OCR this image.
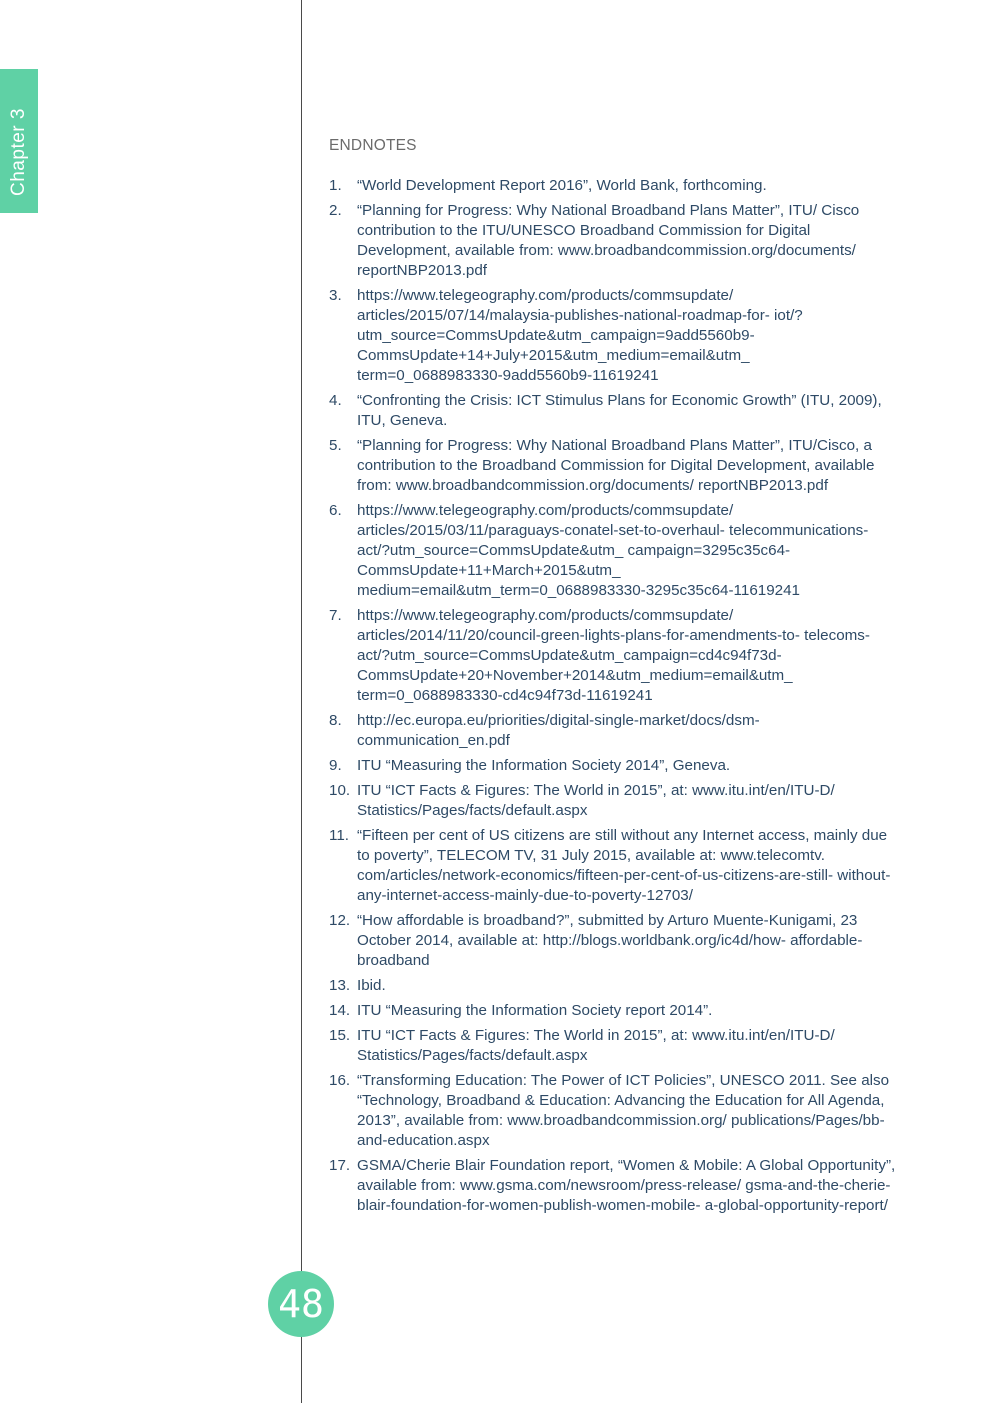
Chapter 3	ENDNOTES
1.	“World Development Report 2016”, World Bank, forthcoming.
2.	“Planning for Progress: Why National Broadband Plans Matter”, ITU/ Cisco contribution to the ITU/UNESCO Broadband Commission for Digital Development, available from: www.broadbandcommission.org/documents/ reportNBP2013.pdf
3.	https://www.telegeography.com/products/commsupdate/ articles/2015/07/14/malaysia-publishes-national-roadmap-for- iot/?utm_source=CommsUpdate&utm_campaign=9add5560b9- CommsUpdate+14+July+2015&utm_medium=email&utm_ term=0_0688983330-9add5560b9-11619241
4.	“Confronting the Crisis: ICT Stimulus Plans for Economic Growth” (ITU, 2009), ITU, Geneva.
5.	“Planning for Progress: Why National Broadband Plans Matter”, ITU/Cisco, a contribution to the Broadband Commission for Digital Development, available from: www.broadbandcommission.org/documents/ reportNBP2013.pdf
6.	https://www.telegeography.com/products/commsupdate/ articles/2015/03/11/paraguays-conatel-set-to-overhaul- telecommunications-act/?utm_source=CommsUpdate&utm_ campaign=3295c35c64-CommsUpdate+11+March+2015&utm_ medium=email&utm_term=0_0688983330-3295c35c64-11619241
7.	https://www.telegeography.com/products/commsupdate/ articles/2014/11/20/council-green-lights-plans-for-amendments-to- telecoms-act/?utm_source=CommsUpdate&utm_campaign=cd4c94f73d- CommsUpdate+20+November+2014&utm_medium=email&utm_ term=0_0688983330-cd4c94f73d-11619241
8.	http://ec.europa.eu/priorities/digital-single-market/docs/dsm- communication_en.pdf
9.	ITU “Measuring the Information Society 2014”, Geneva.
10. ITU “ICT Facts & Figures: The World in 2015”, at: www.itu.int/en/ITU-D/ Statistics/Pages/facts/default.aspx
11. “Fifteen per cent of US citizens are still without any Internet access, mainly due to poverty”, TELECOM TV, 31 July 2015, available at: www.telecomtv. com/articles/network-economics/fifteen-per-cent-of-us-citizens-are-still- without-any-internet-access-mainly-due-to-poverty-12703/
12. “How affordable is broadband?”, submitted by Arturo Muente-Kunigami, 23 October 2014, available at: http://blogs.worldbank.org/ic4d/how- affordable-broadband
13. Ibid.
14. ITU “Measuring the Information Society report 2014”.
15. ITU “ICT Facts & Figures: The World in 2015”, at: www.itu.int/en/ITU-D/ Statistics/Pages/facts/default.aspx
16. “Transforming Education: The Power of ICT Policies”, UNESCO 2011. See also “Technology, Broadband & Education: Advancing the Education for All Agenda, 2013”, available from: www.broadbandcommission.org/ publications/Pages/bb-and-education.aspx
17. GSMA/Cherie Blair Foundation report, “Women & Mobile: A Global Opportunity”, available from: www.gsma.com/newsroom/press-release/ gsma-and-the-cherie-blair-foundation-for-women-publish-women-mobile- a-global-opportunity-report/
48
